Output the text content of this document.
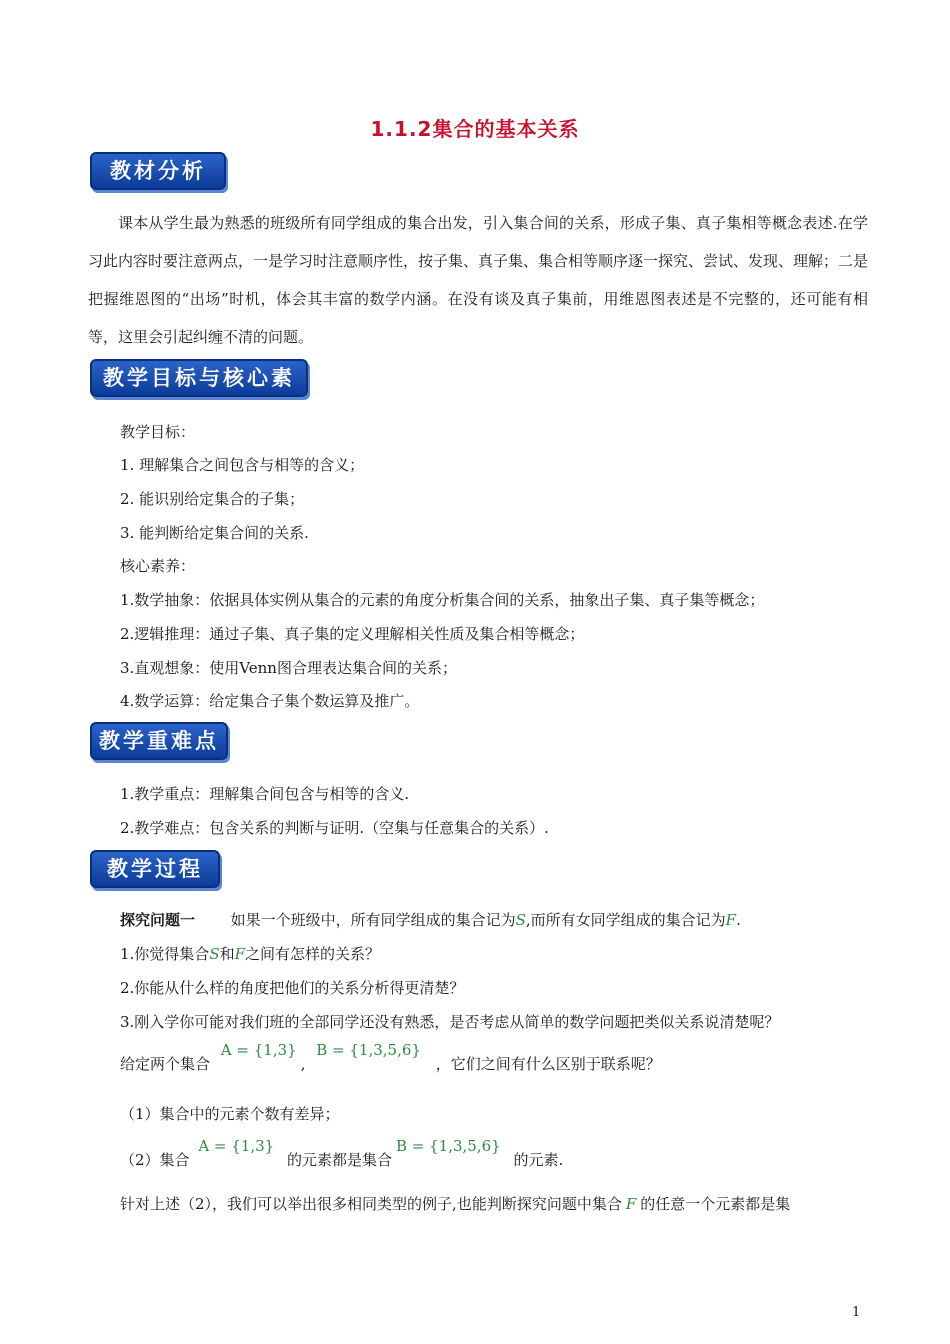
1.1.2集合的基本关系
教材分析
课本从学生最为熟悉的班级所有同学组成的集合出发，引入集合间的关系，形成子集、真子集相等概念表述.在学习此内容时要注意两点，一是学习时注意顺序性，按子集、真子集、集合相等顺序逐一探究、尝试、发现、理解；二是把握维恩图的“出场”时机，体会其丰富的数学内涵。在没有谈及真子集前，用维恩图表述是不完整的，还可能有相等，这里会引起纠缠不清的问题。
教学目标与核心素养
教学目标：
1. 理解集合之间包含与相等的含义；
2. 能识别给定集合的子集；
3. 能判断给定集合间的关系.
核心素养：
1.数学抽象：依据具体实例从集合的元素的角度分析集合间的关系，抽象出子集、真子集等概念；
2.逻辑推理：通过子集、真子集的定义理解相关性质及集合相等概念；
3.直观想象：使用Venn图合理表达集合间的关系；
4.数学运算：给定集合子集个数运算及推广。
教学重难点
1.教学重点：理解集合间包含与相等的含义.
2.教学难点：包含关系的判断与证明.（空集与任意集合的关系）.
教学过程
探究问题一 如果一个班级中，所有同学组成的集合记为S,而所有女同学组成的集合记为F.
1.你觉得集合S和F之间有怎样的关系？
2.你能从什么样的角度把他们的关系分析得更清楚？
3.刚入学你可能对我们班的全部同学还没有熟悉，是否考虑从简单的数学问题把类似关系说清楚呢？
给定两个集合 A = {1,3}, B = {1,3,5,6} ，它们之间有什么区别于联系呢？
（1）集合中的元素个数有差异；
（2）集合 A = {1,3} 的元素都是集合B = {1,3,5,6} 的元素.
针对上述（2），我们可以举出很多相同类型的例子,也能判断探究问题中集合 F 的任意一个元素都是集
1
